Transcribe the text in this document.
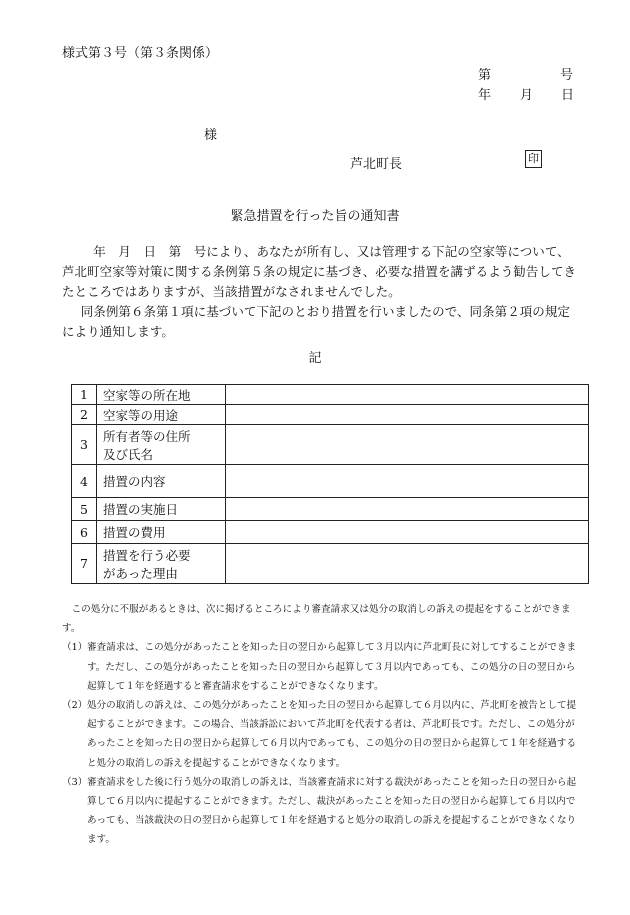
様式第３号（第３条関係）
第	号
年 月 日
様
芦北町長	印
緊急措置を行った旨の通知書

　年　月　日　第　号により、あなたが所有し、又は管理する下記の空家等について、芦北町空家等対策に関する条例第５条の規定に基づき、必要な措置を講ずるよう勧告してきたところではありますが、当該措置がなされませんでした。

同条例第６条第１項に基づいて下記のとおり措置を行いましたので、同条第２項の規定により通知します。

記
1	空家等の所在地	
2	空家等の用途	
3	所有者等の住所
及び氏名	

4	措置の内容	
5	措置の実施日	
6	措置の費用	
7	措置を行う必要
があった理由	

この処分に不服があるときは、次に掲げるところにより審査請求又は処分の取消しの訴えの提起をすることができます。

（1）審査請求は、この処分があったことを知った日の翌日から起算して３月以内に芦北町長に対してすることができます。ただし、この処分があったことを知った日の翌日から起算して３月以内であっても、この処分の日の翌日から起算して１年を経過すると審査請求をすることができなくなります。

（2）処分の取消しの訴えは、この処分があったことを知った日の翌日から起算して６月以内に、芦北町を被告として提起することができます。この場合、当該訴訟において芦北町を代表する者は、芦北町長です。ただし、この処分があったことを知った日の翌日から起算して６月以内であっても、この処分の日の翌日から起算して１年を経過すると処分の取消しの訴えを提起することができなくなります。

（3）審査請求をした後に行う処分の取消しの訴えは、当該審査請求に対する裁決があったことを知った日の翌日から起算して６月以内に提起することができます。ただし、裁決があったことを知った日の翌日から起算して６月以内であっても、当該裁決の日の翌日から起算して１年を経過すると処分の取消しの訴えを提起することができなくなります。
